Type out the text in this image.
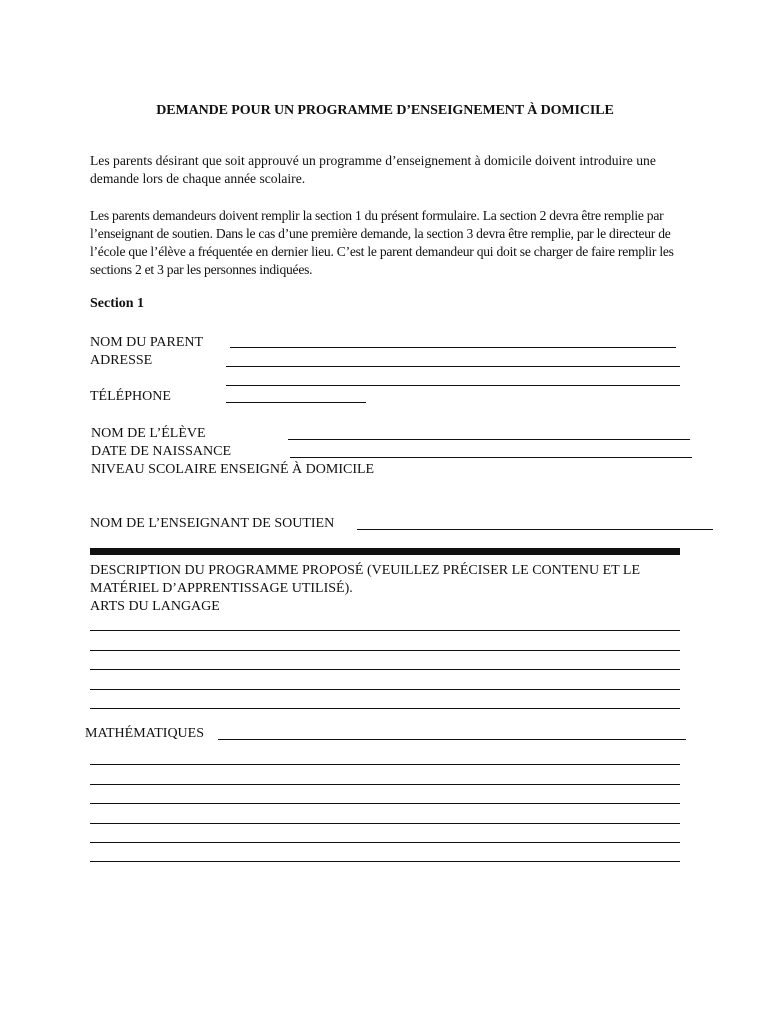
DEMANDE POUR UN PROGRAMME D’ENSEIGNEMENT À DOMICILE
Les parents désirant que soit approuvé un programme d’enseignement à domicile doivent introduire une demande lors de chaque année scolaire.
Les parents demandeurs doivent remplir la section 1 du présent formulaire. La section 2 devra être remplie par l’enseignant de soutien. Dans le cas d’une première demande, la section 3 devra être remplie, par le directeur de l’école que l’élève a fréquentée en dernier lieu. C’est le parent demandeur qui doit se charger de faire remplir les sections 2 et 3 par les personnes indiquées.
Section 1
NOM DU PARENT
ADRESSE
TÉLÉPHONE
NOM DE L’ÉLÈVE
DATE DE NAISSANCE
NIVEAU SCOLAIRE ENSEIGNÉ À DOMICILE
NOM DE L’ENSEIGNANT DE SOUTIEN
DESCRIPTION DU PROGRAMME PROPOSÉ (VEUILLEZ PRÉCISER LE CONTENU ET LE MATÉRIEL D’APPRENTISSAGE UTILISÉ).
ARTS DU LANGAGE
MATHÉMATIQUES
